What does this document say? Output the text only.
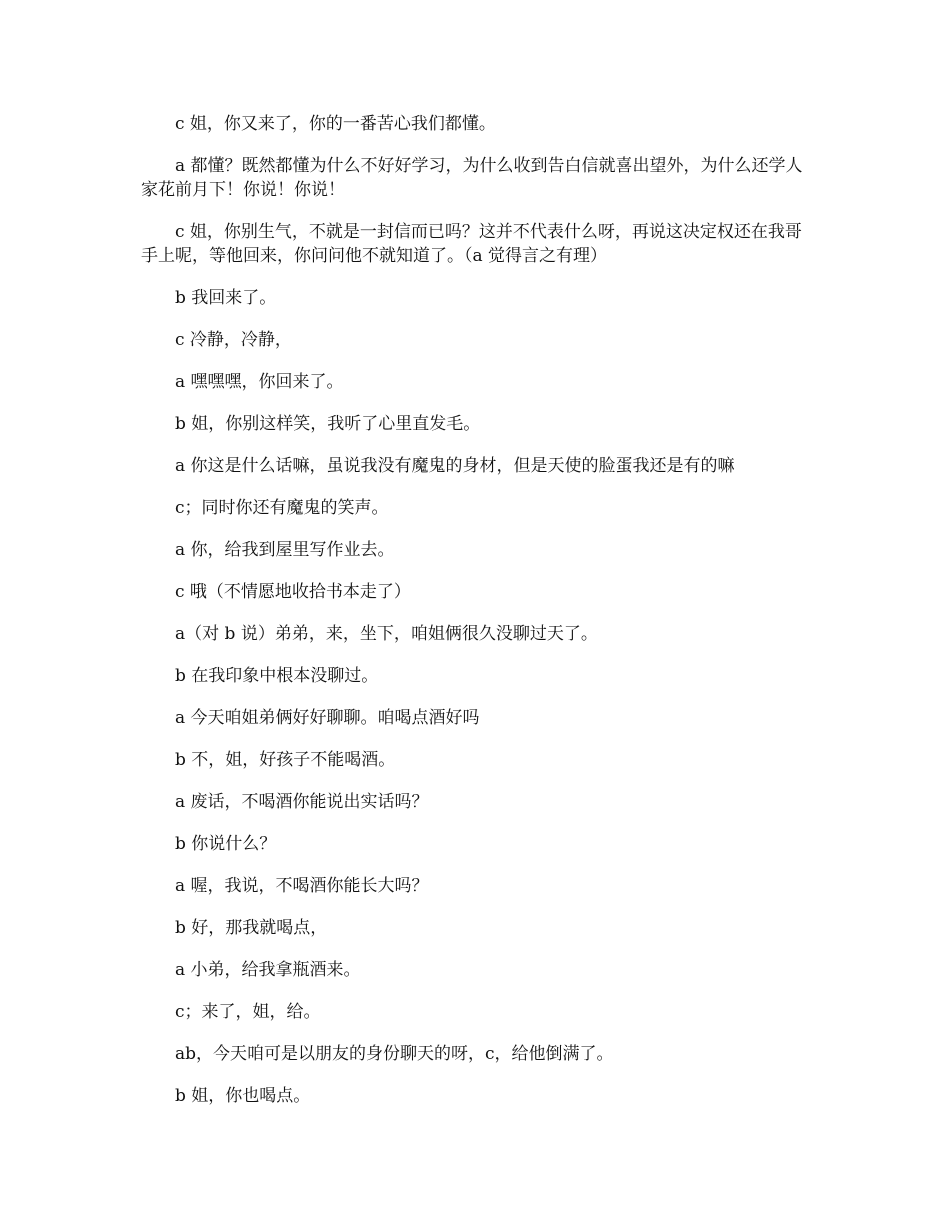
c 姐，你又来了，你的一番苦心我们都懂。

a 都懂？既然都懂为什么不好好学习，为什么收到告白信就喜出望外，为什么还学人家花前月下！你说！你说！

c 姐，你别生气，不就是一封信而已吗？这并不代表什么呀，再说这决定权还在我哥手上呢，等他回来，你问问他不就知道了。（a 觉得言之有理）

b 我回来了。

c 冷静，冷静，

a 嘿嘿嘿，你回来了。

b 姐，你别这样笑，我听了心里直发毛。

a 你这是什么话嘛，虽说我没有魔鬼的身材，但是天使的脸蛋我还是有的嘛

c；同时你还有魔鬼的笑声。

a 你，给我到屋里写作业去。

c 哦（不情愿地收拾书本走了）

a（对 b 说）弟弟，来，坐下，咱姐俩很久没聊过天了。

b 在我印象中根本没聊过。

a 今天咱姐弟俩好好聊聊。咱喝点酒好吗

b 不，姐，好孩子不能喝酒。

a 废话，不喝酒你能说出实话吗？

b 你说什么？

a 喔，我说，不喝酒你能长大吗？

b 好，那我就喝点，

a 小弟，给我拿瓶酒来。

c；来了，姐，给。

ab，今天咱可是以朋友的身份聊天的呀，c，给他倒满了。

b 姐，你也喝点。
